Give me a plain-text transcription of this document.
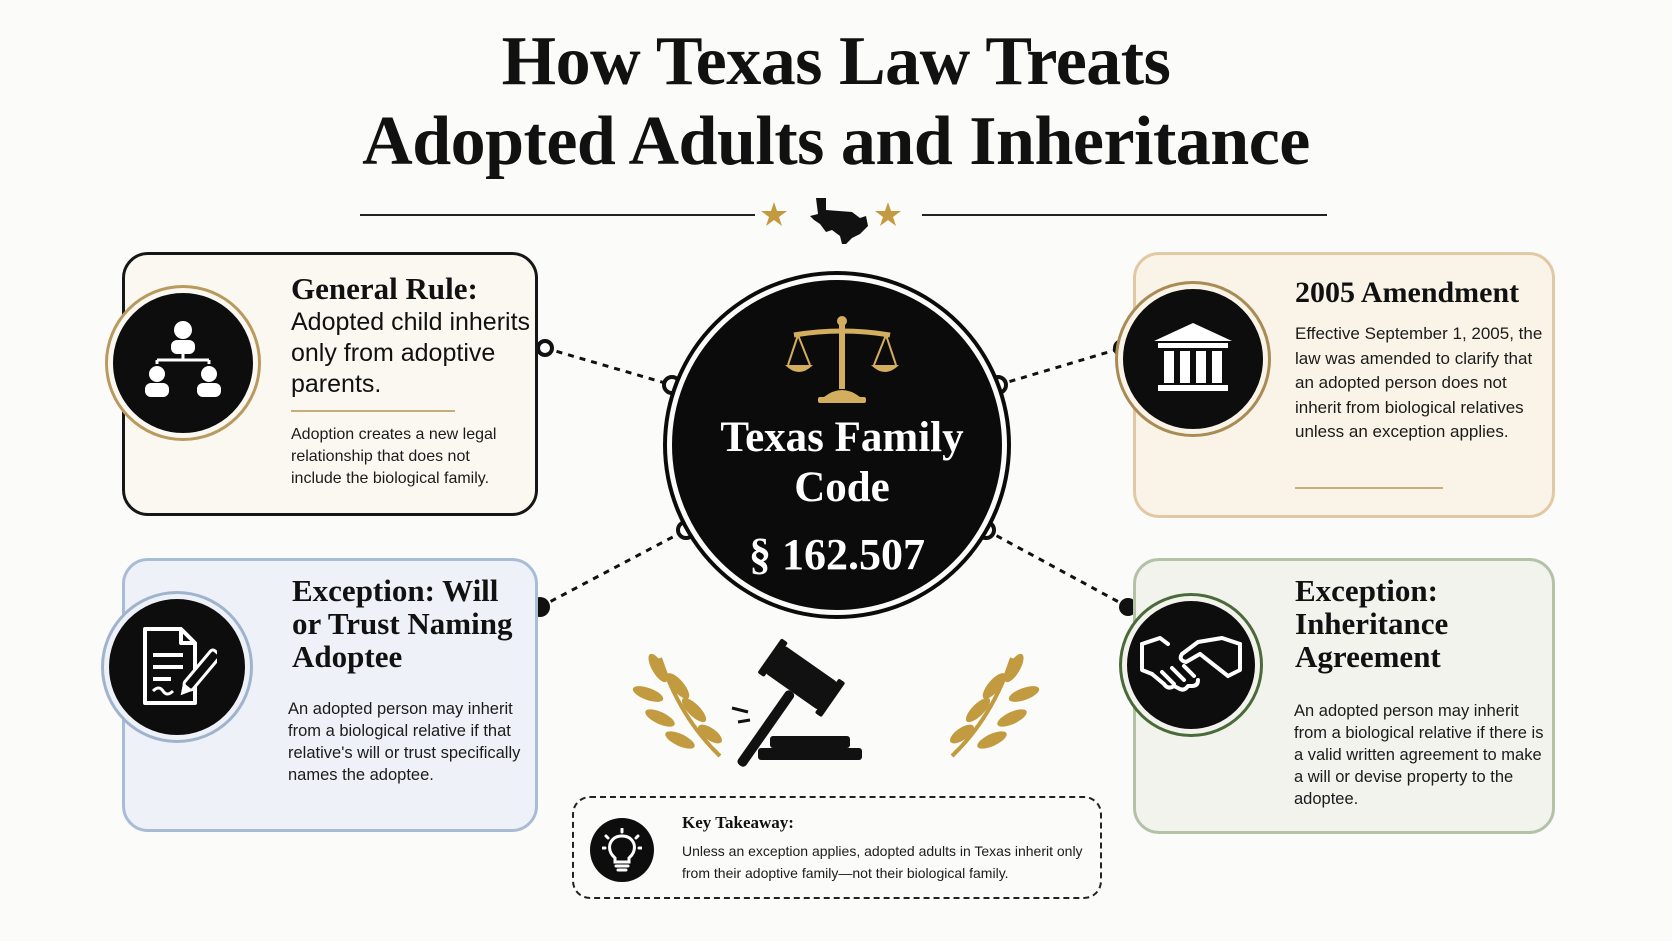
How Texas Law Treats
Adopted Adults and Inheritance
General Rule:
Adopted child inherits only from adoptive parents.
Adoption creates a new legal relationship that does not include the biological family.
2005 Amendment
Effective September 1, 2005, the law was amended to clarify that an adopted person does not inherit from biological relatives unless an exception applies.
Exception: Will or Trust Naming Adoptee
An adopted person may inherit from a biological relative if that relative's will or trust specifically names the adoptee.
Exception: Inheritance Agreement
An adopted person may inherit from a biological relative if there is a valid written agreement to make a will or devise property to the adoptee.
Texas Family Code
§ 162.507
Key Takeaway:
Unless an exception applies, adopted adults in Texas inherit only from their adoptive family—not their biological family.
